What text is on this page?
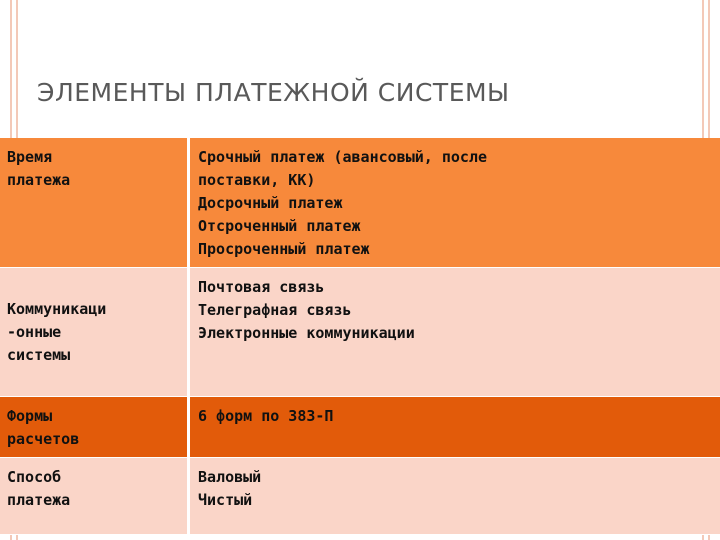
ЭЛЕМЕНТЫ ПЛАТЕЖНОЙ СИСТЕМЫ
Время
платежа	Срочный платеж (авансовый, после
поставки, КК)
Досрочный платеж
Отсроченный платеж
Просроченный платеж

Коммуникаци
-онные
системы	Почтовая связь
Телеграфная связь
Электронные коммуникации

Формы
расчетов	6 форм по 383-П

Способ
платежа	Валовый
Чистый
